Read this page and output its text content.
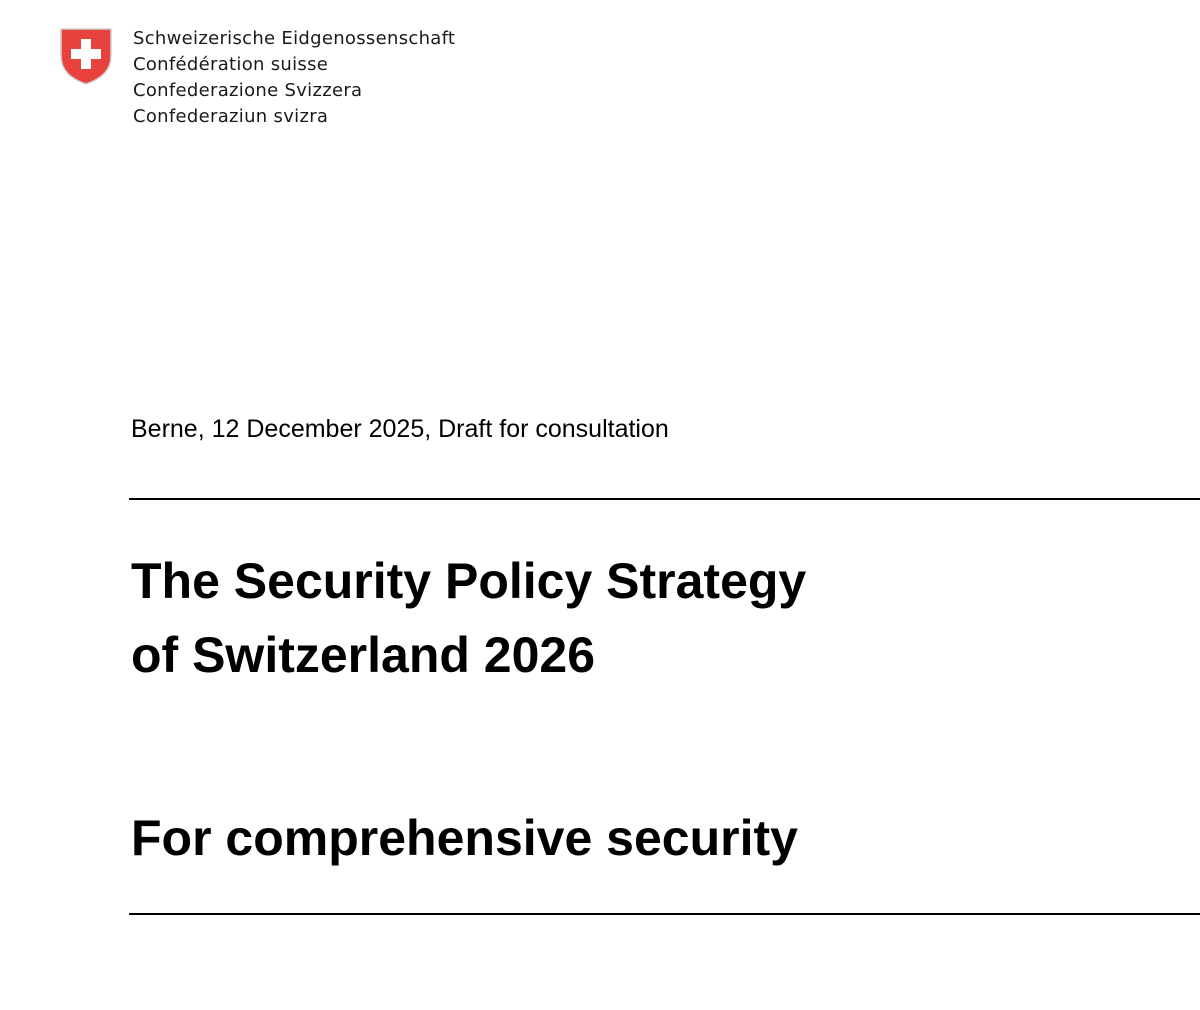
Schweizerische Eidgenossenschaft
Confédération suisse
Confederazione Svizzera
Confederaziun svizra
Berne, 12 December 2025, Draft for consultation
The Security Policy Strategy
of Switzerland 2026
For comprehensive security
